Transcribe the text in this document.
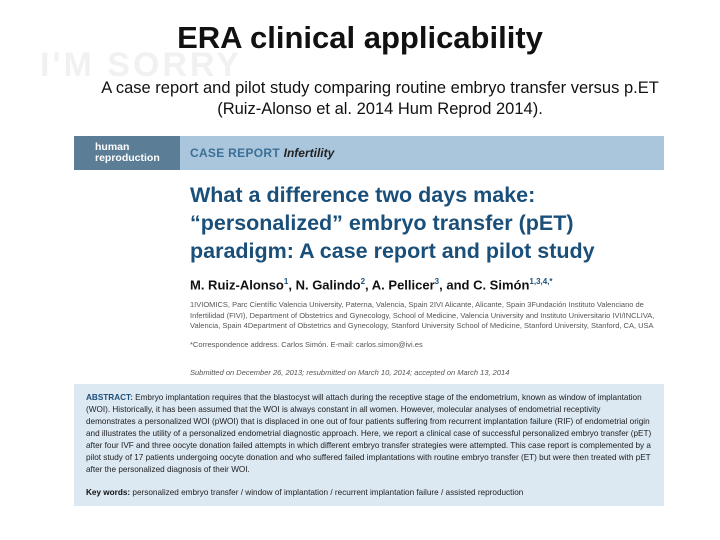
I'M SORRY
ERA clinical applicability
A case report and pilot study comparing routine embryo transfer versus p.ET
(Ruiz-Alonso et al. 2014 Hum Reprod 2014).
human
reproduction	CASE REPORT Infertility
What a difference two days make: “personalized” embryo transfer (pET) paradigm: A case report and pilot study
M. Ruiz-Alonso$^1$, N. Galindo$^2$, A. Pellicer$^3$, and C. Simón$^{1,3,4,*}$
1IVIOMICS, Parc Científic Valencia University, Paterna, Valencia, Spain 2IVI Alicante, Alicante, Spain 3Fundación Instituto Valenciano de Infertilidad (FIVI), Department of Obstetrics and Gynecology, School of Medicine, Valencia University and Instituto Universitario IVI/INCLIVA, Valencia, Spain 4Department of Obstetrics and Gynecology, Stanford University School of Medicine, Stanford University, Stanford, CA, USA
*Correspondence address. Carlos Simón. E-mail: carlos.simon@ivi.es
Submitted on December 26, 2013; resubmitted on March 10, 2014; accepted on March 13, 2014
ABSTRACT: Embryo implantation requires that the blastocyst will attach during the receptive stage of the endometrium, known as window of implantation (WOI). Historically, it has been assumed that the WOI is always constant in all women. However, molecular analyses of endometrial receptivity demonstrates a personalized WOI (pWOI) that is displaced in one out of four patients suffering from recurrent implantation failure (RIF) of endometrial origin and illustrates the utility of a personalized endometrial diagnostic approach. Here, we report a clinical case of successful personalized embryo transfer (pET) after four IVF and three oocyte donation failed attempts in which different embryo transfer strategies were attempted. This case report is complemented by a pilot study of 17 patients undergoing oocyte donation and who suffered failed implantations with routine embryo transfer (ET) but were then treated with pET after the personalized diagnosis of their WOI.
Key words: personalized embryo transfer / window of implantation / recurrent implantation failure / assisted reproduction
